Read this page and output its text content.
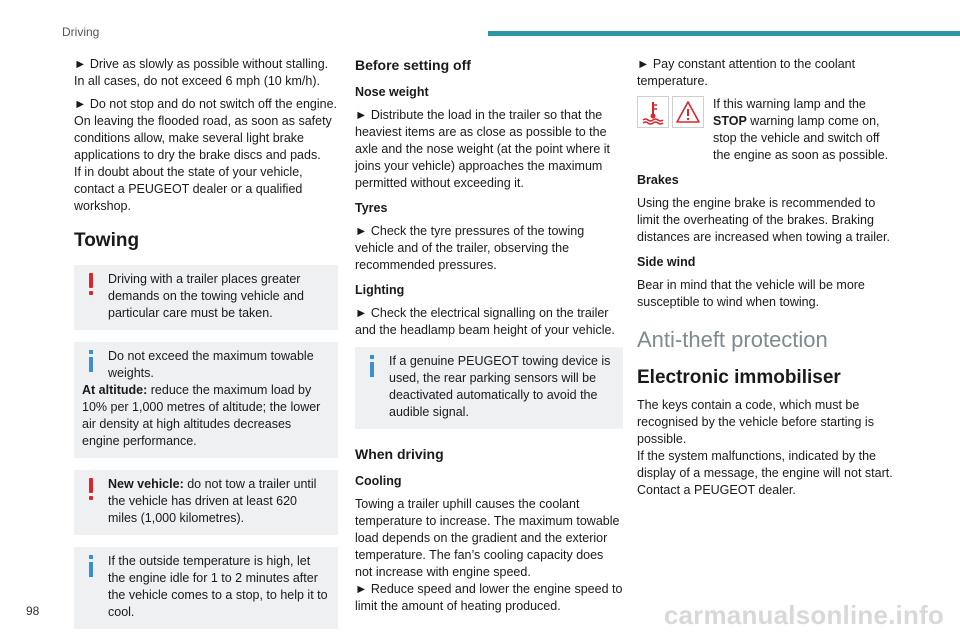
Driving

► Drive as slowly as possible without stalling. In all cases, do not exceed 6 mph (10 km/h).

► Do not stop and do not switch off the engine. On leaving the flooded road, as soon as safety conditions allow, make several light brake applications to dry the brake discs and pads.

If in doubt about the state of your vehicle, contact a PEUGEOT dealer or a qualified workshop.

Towing

Driving with a trailer places greater demands on the towing vehicle and particular care must be taken.

Do not exceed the maximum towable weights.

At altitude: reduce the maximum load by 10% per 1,000 metres of altitude; the lower air density at high altitudes decreases engine performance.

New vehicle: do not tow a trailer until the vehicle has driven at least 620 miles (1,000 kilometres).

If the outside temperature is high, let the engine idle for 1 to 2 minutes after the vehicle comes to a stop, to help it to cool.

Before setting off
Nose weight

► Distribute the load in the trailer so that the heaviest items are as close as possible to the axle and the nose weight (at the point where it joins your vehicle) approaches the maximum permitted without exceeding it.

Tyres

► Check the tyre pressures of the towing vehicle and of the trailer, observing the recommended pressures.

Lighting

► Check the electrical signalling on the trailer and the headlamp beam height of your vehicle.

If a genuine PEUGEOT towing device is used, the rear parking sensors will be deactivated automatically to avoid the audible signal.

When driving
Cooling

Towing a trailer uphill causes the coolant temperature to increase. The maximum towable load depends on the gradient and the exterior temperature. The fan’s cooling capacity does not increase with engine speed.

► Reduce speed and lower the engine speed to limit the amount of heating produced.

► Pay constant attention to the coolant temperature.

If this warning lamp and the STOP warning lamp come on, stop the vehicle and switch off the engine as soon as possible.
Brakes

Using the engine brake is recommended to limit the overheating of the brakes. Braking distances are increased when towing a trailer.

Side wind

Bear in mind that the vehicle will be more susceptible to wind when towing.

Anti-theft protection
Electronic immobiliser

The keys contain a code, which must be recognised by the vehicle before starting is possible.

If the system malfunctions, indicated by the display of a message, the engine will not start.

Contact a PEUGEOT dealer.

98	carmanualsonline.info
